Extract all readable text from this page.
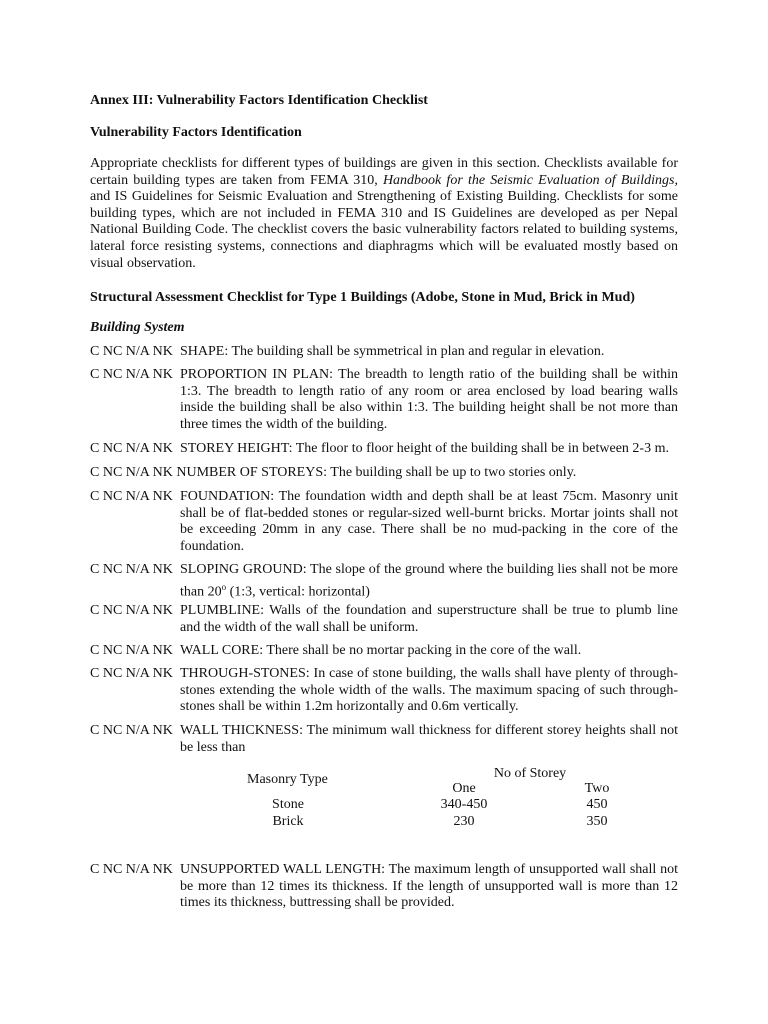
Annex III: Vulnerability Factors Identification Checklist
Vulnerability Factors Identification
Appropriate checklists for different types of buildings are given in this section. Checklists available for certain building types are taken from FEMA 310, Handbook for the Seismic Evaluation of Buildings, and IS Guidelines for Seismic Evaluation and Strengthening of Existing Building. Checklists for some building types, which are not included in FEMA 310 and IS Guidelines are developed as per Nepal National Building Code. The checklist covers the basic vulnerability factors related to building systems, lateral force resisting systems, connections and diaphragms which will be evaluated mostly based on visual observation.
Structural Assessment Checklist for Type 1 Buildings (Adobe, Stone in Mud, Brick in Mud)
Building System
C NC N/A NK SHAPE: The building shall be symmetrical in plan and regular in elevation.
C NC N/A NK PROPORTION IN PLAN: The breadth to length ratio of the building shall be within 1:3. The breadth to length ratio of any room or area enclosed by load bearing walls inside the building shall be also within 1:3. The building height shall be not more than three times the width of the building.
C NC N/A NK STOREY HEIGHT: The floor to floor height of the building shall be in between 2-3 m.
C NC N/A NK NUMBER OF STOREYS: The building shall be up to two stories only.
C NC N/A NK FOUNDATION: The foundation width and depth shall be at least 75cm. Masonry unit shall be of flat-bedded stones or regular-sized well-burnt bricks. Mortar joints shall not be exceeding 20mm in any case. There shall be no mud-packing in the core of the foundation.
C NC N/A NK SLOPING GROUND: The slope of the ground where the building lies shall not be more than 20$^o$ (1:3, vertical: horizontal)
C NC N/A NK PLUMBLINE: Walls of the foundation and superstructure shall be true to plumb line and the width of the wall shall be uniform.
C NC N/A NK WALL CORE: There shall be no mortar packing in the core of the wall.
C NC N/A NK THROUGH-STONES: In case of stone building, the walls shall have plenty of through-stones extending the whole width of the walls. The maximum spacing of such through-stones shall be within 1.2m horizontally and 0.6m vertically.
C NC N/A NK WALL THICKNESS: The minimum wall thickness for different storey heights shall not be less than
Masonry Type	No of Storey
One	Two
Stone	340-450	450
Brick	230	350
C NC N/A NK UNSUPPORTED WALL LENGTH: The maximum length of unsupported wall shall not be more than 12 times its thickness. If the length of unsupported wall is more than 12 times its thickness, buttressing shall be provided.
